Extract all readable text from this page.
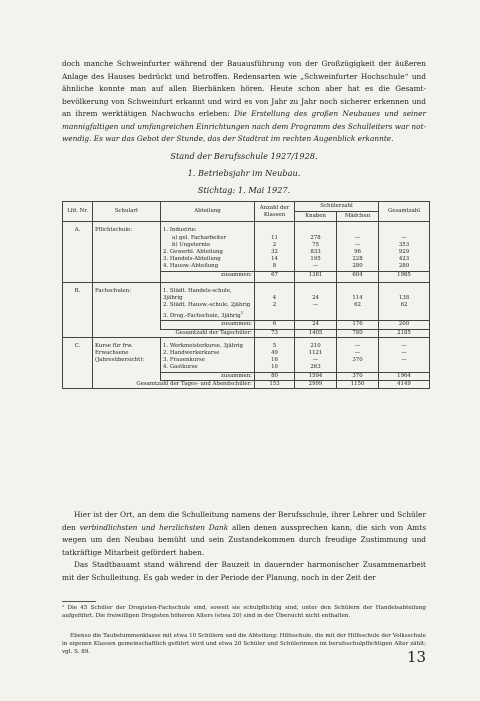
doch manche Schweinfurter während der Bauausführung von der Großzügigkeit der äußeren Anlage des Hauses bedrückt und betroffen. Redensarten wie „Schweinfurter Hochschule“ und ähnliche konnte man auf allen Bierbänken hören. Heute schon aber hat es die Gesamt- bevölkerung von Schweinfurt erkannt und wird es von Jahr zu Jahr noch sicherer erkennen und an ihrem werktätigen Nachwuchs erleben: Die Erstellung des großen Neubaues und seiner mannigfaltigen und umfangreichen Einrichtungen nach dem Programm des Schulleiters war not-wendig. Es war das Gebot der Stunde, das der Stadtrat im rechten Augenblick erkannte.

Stand der Berufsschule 1927/1928.
1. Betriebsjahr im Neubau.
Stichtag: 1. Mai 1927.
Lfd. Nr.	Schulart	Abteilung	Anzahl der Klassen	Schülerzahl		Gesamtzahl
				Knaben	Mädchen	
A.	Pflichtschule:	1. Industrie:				
		a) gel. Facharbeiter	11	278	—	—
		b) Ungelernte	2	75	—	353
		2. Gewerbl. Abteilung	32	833	96	929
		3. Handels-Abteilung	14	195	228	423
		4. Hausw.-Abteilung	8	—	280	280
		zusammen:	67	1381	604	1985
B.	Fachschulen:	1. Städt. Handels-schule, 3jährig	4	24	114	138
		2. Städt. Hausw.-schule, 2jährig	2	—	62	62
		3. Drog.-Fachschule, 3jährig$^1$				
		zusammen:	6	24	176	200
	Gesamtzahl der Tagschüler:		73	1405	780	2185
C.	Kurse für frw. Erwachsene (Jahresübersicht):	1. Werkmeisterkurse, 3jährig	5	210	—	—
		2. Handwerkerkurse	49	1121	—	—
		3. Frauenkurse	16	—	370	—
		4. Gastkurse	10	263		
		zusammen:	80	1594	370	1964
	Gesamtzahl der Tages- und Abendschüler:		153	2999	1150	4149

Hier ist der Ort, an dem die Schulleitung namens der Berufsschule, ihrer Lehrer und Schüler den verbindlichsten und herzlichsten Dank allen denen aussprechen kann, die sich von Amts wegen um den Neubau bemüht und sein Zustandekommen durch freudige Zustimmung und tatkräftige Mitarbeit gefördert haben.

Das Stadtbauamt stand während der Bauzeit in dauernder harmonischer Zusammenarbeit mit der Schulleitung. Es gab weder in der Periode der Planung, noch in der Zeit der

¹ Die 45 Schüler der Drogisten-Fachschule sind, soweit sie schulpflichtig sind, unter den Schülern der Handelsabteilung aufgeführt. Die freiwilligen Drogisten höheren Alters (etwa 20) sind in der Übersicht nicht enthalten.

Ebenso die Taubstummenklasse mit etwa 10 Schülern und die Abteilung: Hilfsschule, die mit der Hilfsschule der Volksschule in eigenen Klassen gemeinschaftlich geführt wird und etwa 20 Schüler und Schülerinnen im berufsschulpflichtigen Alter zählt; vgl. S. 89.	13
